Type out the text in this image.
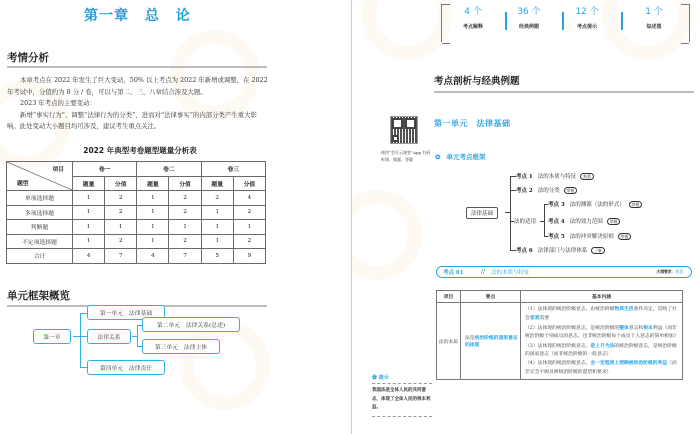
第一章 总 论
考情分析

本章考点在 2022 年发生了巨大变动，50% 以上考点为 2022 年新增或调整。在 2022 年考试中，分值约为 8 分 / 卷，可以与第二、三、八章结合涉及大题。

2023 年考点的主要变动：

新增“事实行为”、调整“法律行为的分类”，进而对“法律事实”的内部分类产生重大影响。此处变动大小题目均可涉及，建议考生重点关注。

2022 年典型考卷题型题量分析表
项目
题型	卷一		卷二		卷三	
	题量	分值	题量	分值	题量	分值
单项选择题	1	2	1	2	2	4
多项选择题	1	2	1	2	1	2
判断题	1	1	1	1	1	1
不定项选择题	1	2	1	2	1	2
合计	4	7	4	7	5	9
单元框架概览
第一章
第一单元　法律基础
法律关系
第二单元　法律关系(总述)
第三单元　法律主体
第四单元　法律责任
4 个
考点解释
36 个
经典例题
12 个
考点提示
1 个
综述图
考点剖析与经典例题
使用“会计云课堂”App 扫码听课、做题、答疑
第一单元　法律基础
✿ 单元考点框架
法律基础
考点 1 法的本质与特征	熟悉
考点 2 法的分类	掌握
法的适用
考点 3 法的渊源（法的形式）	掌握
考点 4 法的效力范围	掌握
考点 5 法的冲突解决原则	掌握
考点 6 法律部门与法律体系	了解
考点 01	// 法的本质与特征	大纲要求：熟悉
项目	要点	基本内涵
法的本质	法是统治阶级的国家意志的体现	（1）法体现的统治阶级意志，由统治阶级物质生活条件决定，反映了社会客观需要
（2）法体现的统治阶级意志，是统治阶级的整体意志和根本利益（而非统治阶级个别成员的意志，也非统治阶级每个成员个人意志的简单相加）
（3）法体现的统治阶级意志，是上升为法的统治阶级意志，是统治阶级的国家意志（而非统治阶级的一般意志）
（4）法体现的统治阶级意志，会一定程度上照顾被统治阶级的利益（而非完全不顾及被统治阶级的愿望和要求）
✿ 提示
我国法是全体人民的共同意志，体现了全体人民的根本利益。
